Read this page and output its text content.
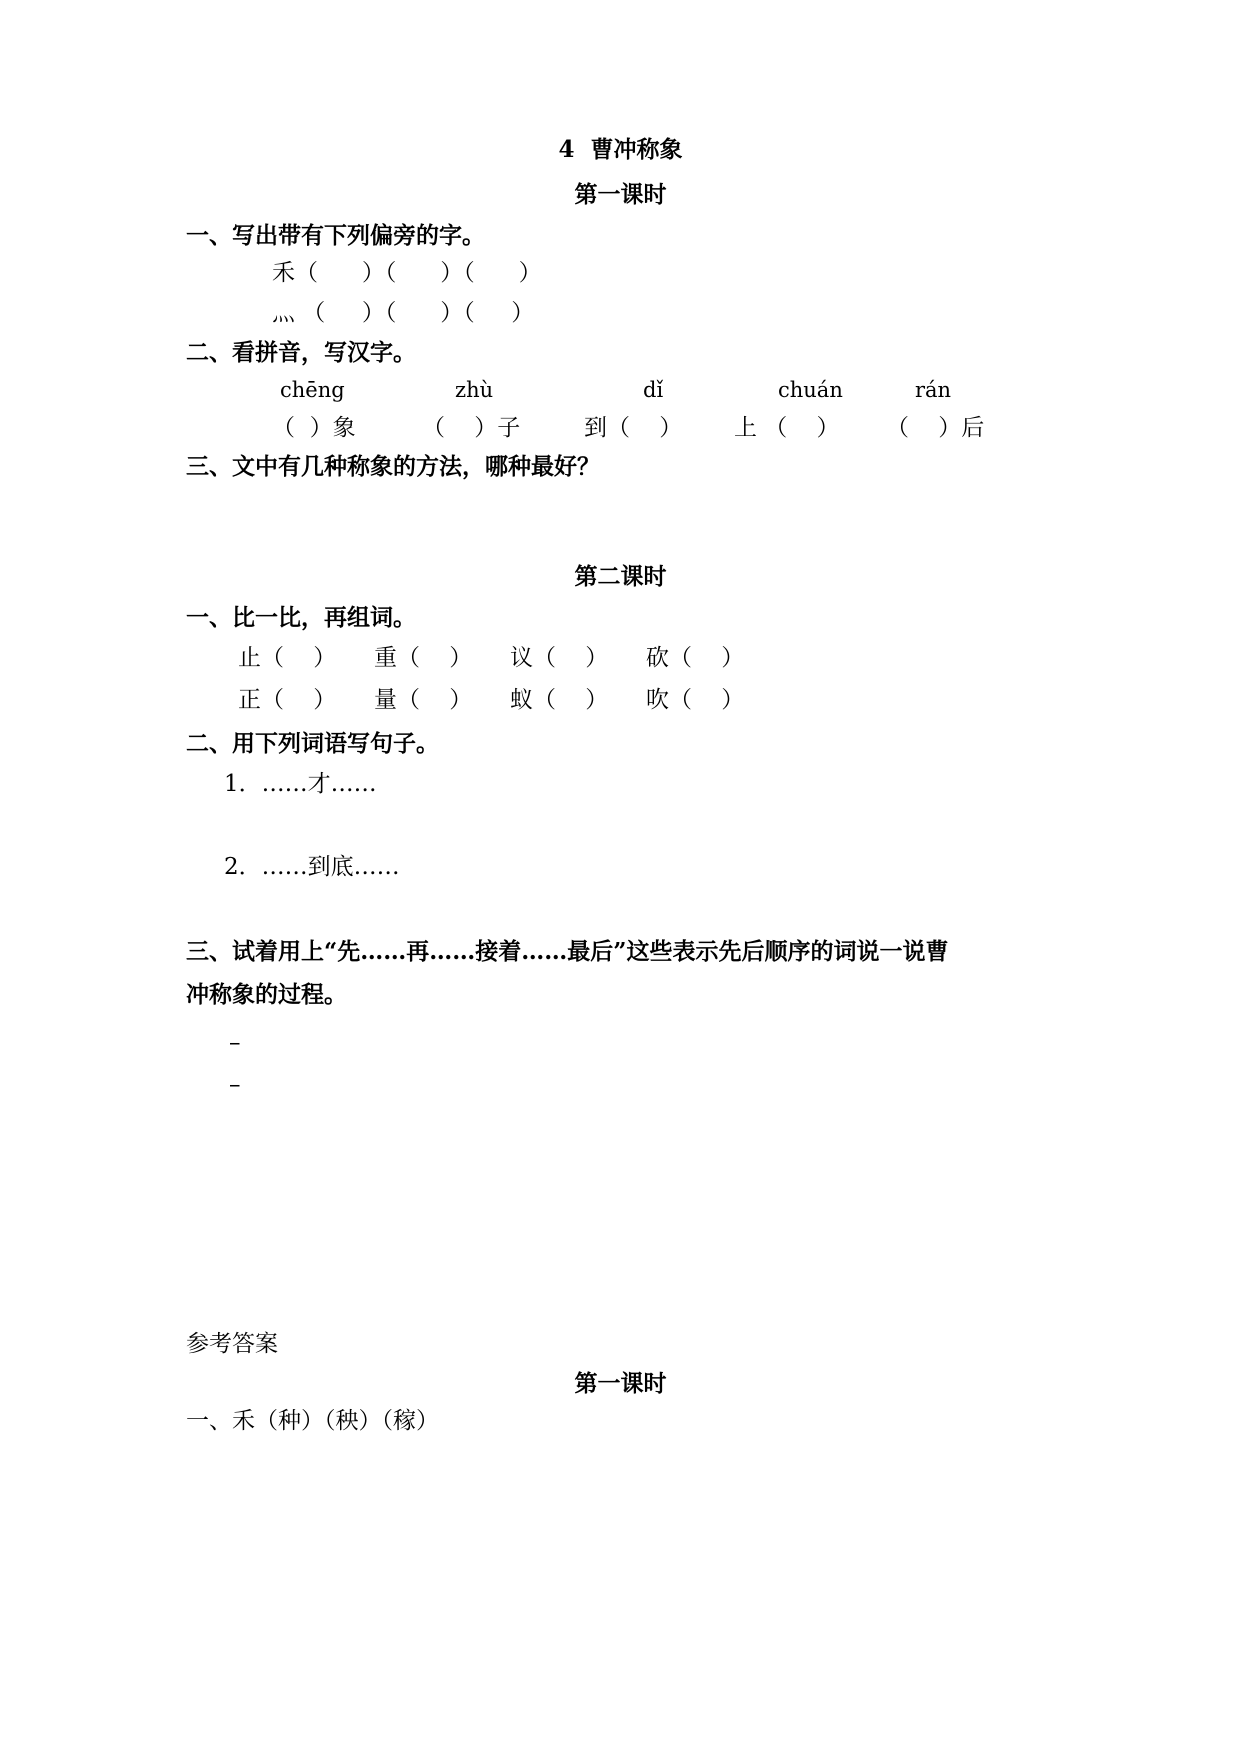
4  曹冲称象
第一课时
一、写出带有下列偏旁的字。
禾（      ）（      ）（      ）
灬 （     ）（      ）（     ）
二、看拼音，写汉字。
chēng	zhù	dǐ	chuán	rán
（  ）象	（    ）子	到（    ） 上 （    ） （    ）后
三、文中有几种称象的方法，哪种最好？
第二课时
一、比一比，再组词。
止（    ） 重（    ） 议（    ） 砍（    ）
正（    ） 量（    ） 蚁（    ） 吹（    ）
二、用下列词语写句子。
1．……才……
2．……到底……
三、试着用上“先……再……接着……最后”这些表示先后顺序的词说一说曹
冲称象的过程。
–
–
参考答案
第一课时
一、禾（种）（秧）（稼）
